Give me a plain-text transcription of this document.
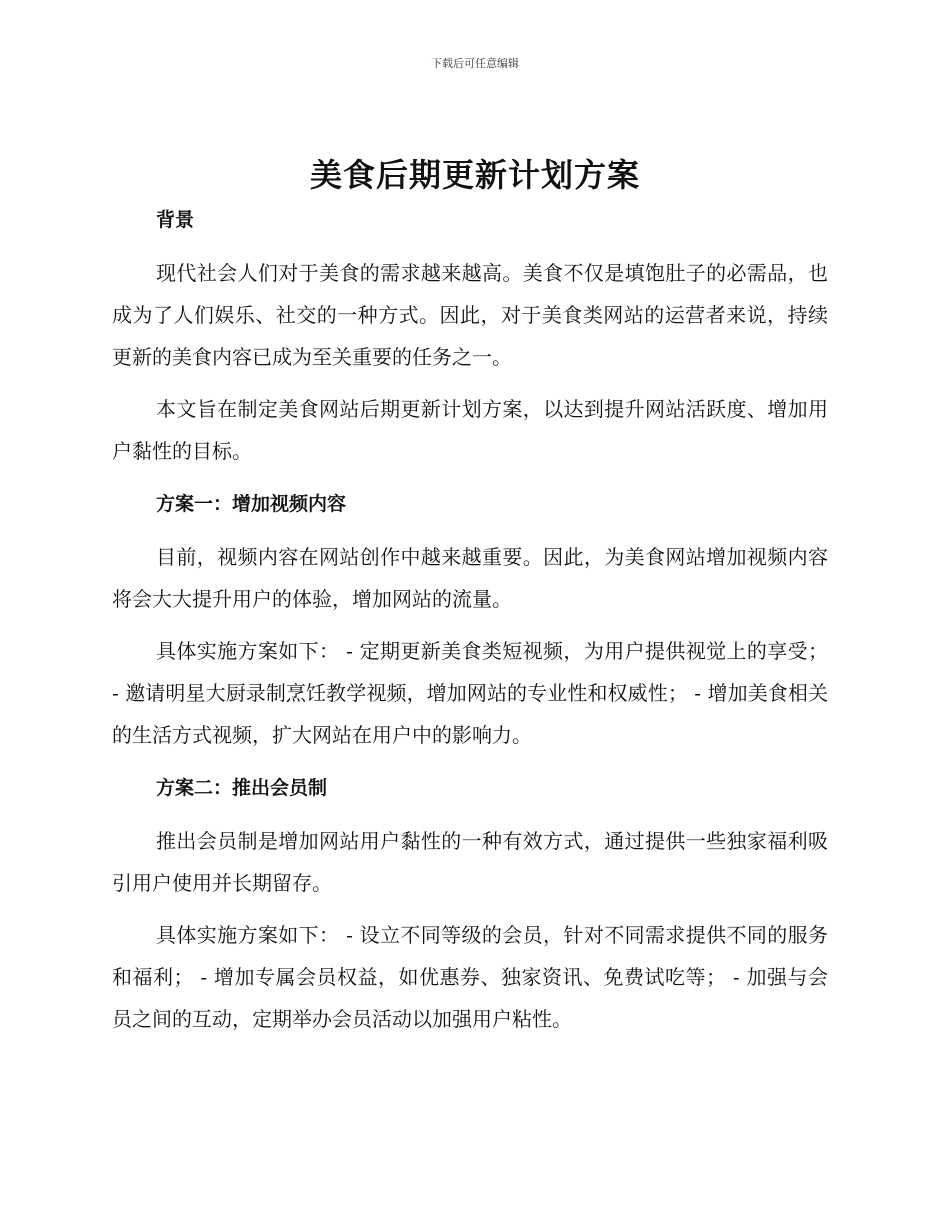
下载后可任意编辑
美食后期更新计划方案
背景

现代社会人们对于美食的需求越来越高。美食不仅是填饱肚子的必需品，也成为了人们娱乐、社交的一种方式。因此，对于美食类网站的运营者来说，持续更新的美食内容已成为至关重要的任务之一。

本文旨在制定美食网站后期更新计划方案，以达到提升网站活跃度、增加用户黏性的目标。

方案一：增加视频内容

目前，视频内容在网站创作中越来越重要。因此，为美食网站增加视频内容将会大大提升用户的体验，增加网站的流量。

具体实施方案如下： - 定期更新美食类短视频，为用户提供视觉上的享受； - 邀请明星大厨录制烹饪教学视频，增加网站的专业性和权威性； - 增加美食相关的生活方式视频，扩大网站在用户中的影响力。

方案二：推出会员制

推出会员制是增加网站用户黏性的一种有效方式，通过提供一些独家福利吸引用户使用并长期留存。

具体实施方案如下： - 设立不同等级的会员，针对不同需求提供不同的服务和福利； - 增加专属会员权益，如优惠券、独家资讯、免费试吃等； - 加强与会员之间的互动，定期举办会员活动以加强用户粘性。
